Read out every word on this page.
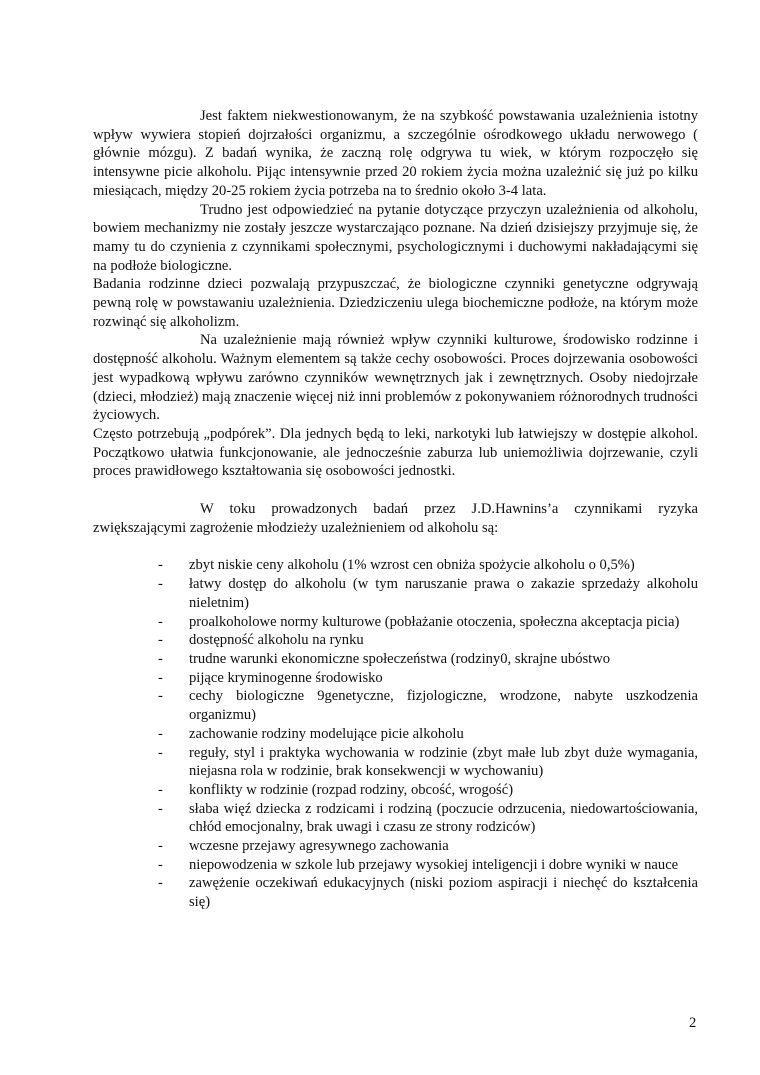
Jest faktem niekwestionowanym, że na szybkość powstawania uzależnienia istotny wpływ wywiera stopień dojrzałości organizmu, a szczególnie ośrodkowego układu nerwowego ( głównie mózgu). Z badań wynika, że zaczną rolę odgrywa tu wiek, w którym rozpoczęło się intensywne picie alkoholu. Pijąc intensywnie przed 20 rokiem życia można uzależnić się już po kilku miesiącach, między 20-25 rokiem życia potrzeba na to średnio około 3-4 lata.

Trudno jest odpowiedzieć na pytanie dotyczące przyczyn uzależnienia od alkoholu, bowiem mechanizmy nie zostały jeszcze wystarczająco poznane. Na dzień dzisiejszy przyjmuje się, że mamy tu do czynienia z czynnikami społecznymi, psychologicznymi i duchowymi nakładającymi się na podłoże biologiczne.

Badania rodzinne dzieci pozwalają przypuszczać, że biologiczne czynniki genetyczne odgrywają pewną rolę w powstawaniu uzależnienia. Dziedziczeniu ulega biochemiczne podłoże, na którym może rozwinąć się alkoholizm.

Na uzależnienie mają również wpływ czynniki kulturowe, środowisko rodzinne i dostępność alkoholu. Ważnym elementem są także cechy osobowości. Proces dojrzewania osobowości jest wypadkową wpływu zarówno czynników wewnętrznych jak i zewnętrznych. Osoby niedojrzałe (dzieci, młodzież) mają znaczenie więcej niż inni problemów z pokonywaniem różnorodnych trudności życiowych.

Często potrzebują „podpórek”. Dla jednych będą to leki, narkotyki lub łatwiejszy w dostępie alkohol. Początkowo ułatwia funkcjonowanie, ale jednocześnie zaburza lub uniemożliwia dojrzewanie, czyli proces prawidłowego kształtowania się osobowości jednostki.

W toku prowadzonych badań przez J.D.Hawnins’a czynnikami ryzyka zwiększającymi zagrożenie młodzieży uzależnieniem od alkoholu są:

- zbyt niskie ceny alkoholu (1% wzrost cen obniża spożycie alkoholu o 0,5%)
- łatwy dostęp do alkoholu (w tym naruszanie prawa o zakazie sprzedaży alkoholu nieletnim)
- proalkoholowe normy kulturowe (pobłażanie otoczenia, społeczna akceptacja picia)
- dostępność alkoholu na rynku
- trudne warunki ekonomiczne społeczeństwa (rodziny0, skrajne ubóstwo
- pijące kryminogenne środowisko
- cechy biologiczne 9genetyczne, fizjologiczne, wrodzone, nabyte uszkodzenia organizmu)
- zachowanie rodziny modelujące picie alkoholu
- reguły, styl i praktyka wychowania w rodzinie (zbyt małe lub zbyt duże wymagania, niejasna rola w rodzinie, brak konsekwencji w wychowaniu)
- konflikty w rodzinie (rozpad rodziny, obcość, wrogość)
- słaba więź dziecka z rodzicami i rodziną (poczucie odrzucenia, niedowartościowania, chłód emocjonalny, brak uwagi i czasu ze strony rodziców)
- wczesne przejawy agresywnego zachowania
- niepowodzenia w szkole lub przejawy wysokiej inteligencji i dobre wyniki w nauce
- zawężenie oczekiwań edukacyjnych (niski poziom aspiracji i niechęć do kształcenia się)
2
